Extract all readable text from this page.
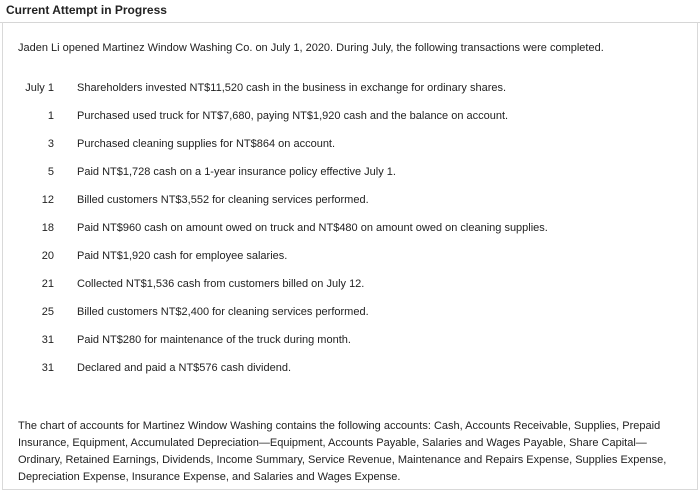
Current Attempt in Progress
Jaden Li opened Martinez Window Washing Co. on July 1, 2020. During July, the following transactions were completed.
July 1 Shareholders invested NT$11,520 cash in the business in exchange for ordinary shares.
1 Purchased used truck for NT$7,680, paying NT$1,920 cash and the balance on account.
3 Purchased cleaning supplies for NT$864 on account.
5 Paid NT$1,728 cash on a 1-year insurance policy effective July 1.
12 Billed customers NT$3,552 for cleaning services performed.
18 Paid NT$960 cash on amount owed on truck and NT$480 on amount owed on cleaning supplies.
20 Paid NT$1,920 cash for employee salaries.
21 Collected NT$1,536 cash from customers billed on July 12.
25 Billed customers NT$2,400 for cleaning services performed.
31 Paid NT$280 for maintenance of the truck during month.
31 Declared and paid a NT$576 cash dividend.
The chart of accounts for Martinez Window Washing contains the following accounts: Cash, Accounts Receivable, Supplies, Prepaid Insurance, Equipment, Accumulated Depreciation—Equipment, Accounts Payable, Salaries and Wages Payable, Share Capital—Ordinary, Retained Earnings, Dividends, Income Summary, Service Revenue, Maintenance and Repairs Expense, Supplies Expense, Depreciation Expense, Insurance Expense, and Salaries and Wages Expense.
